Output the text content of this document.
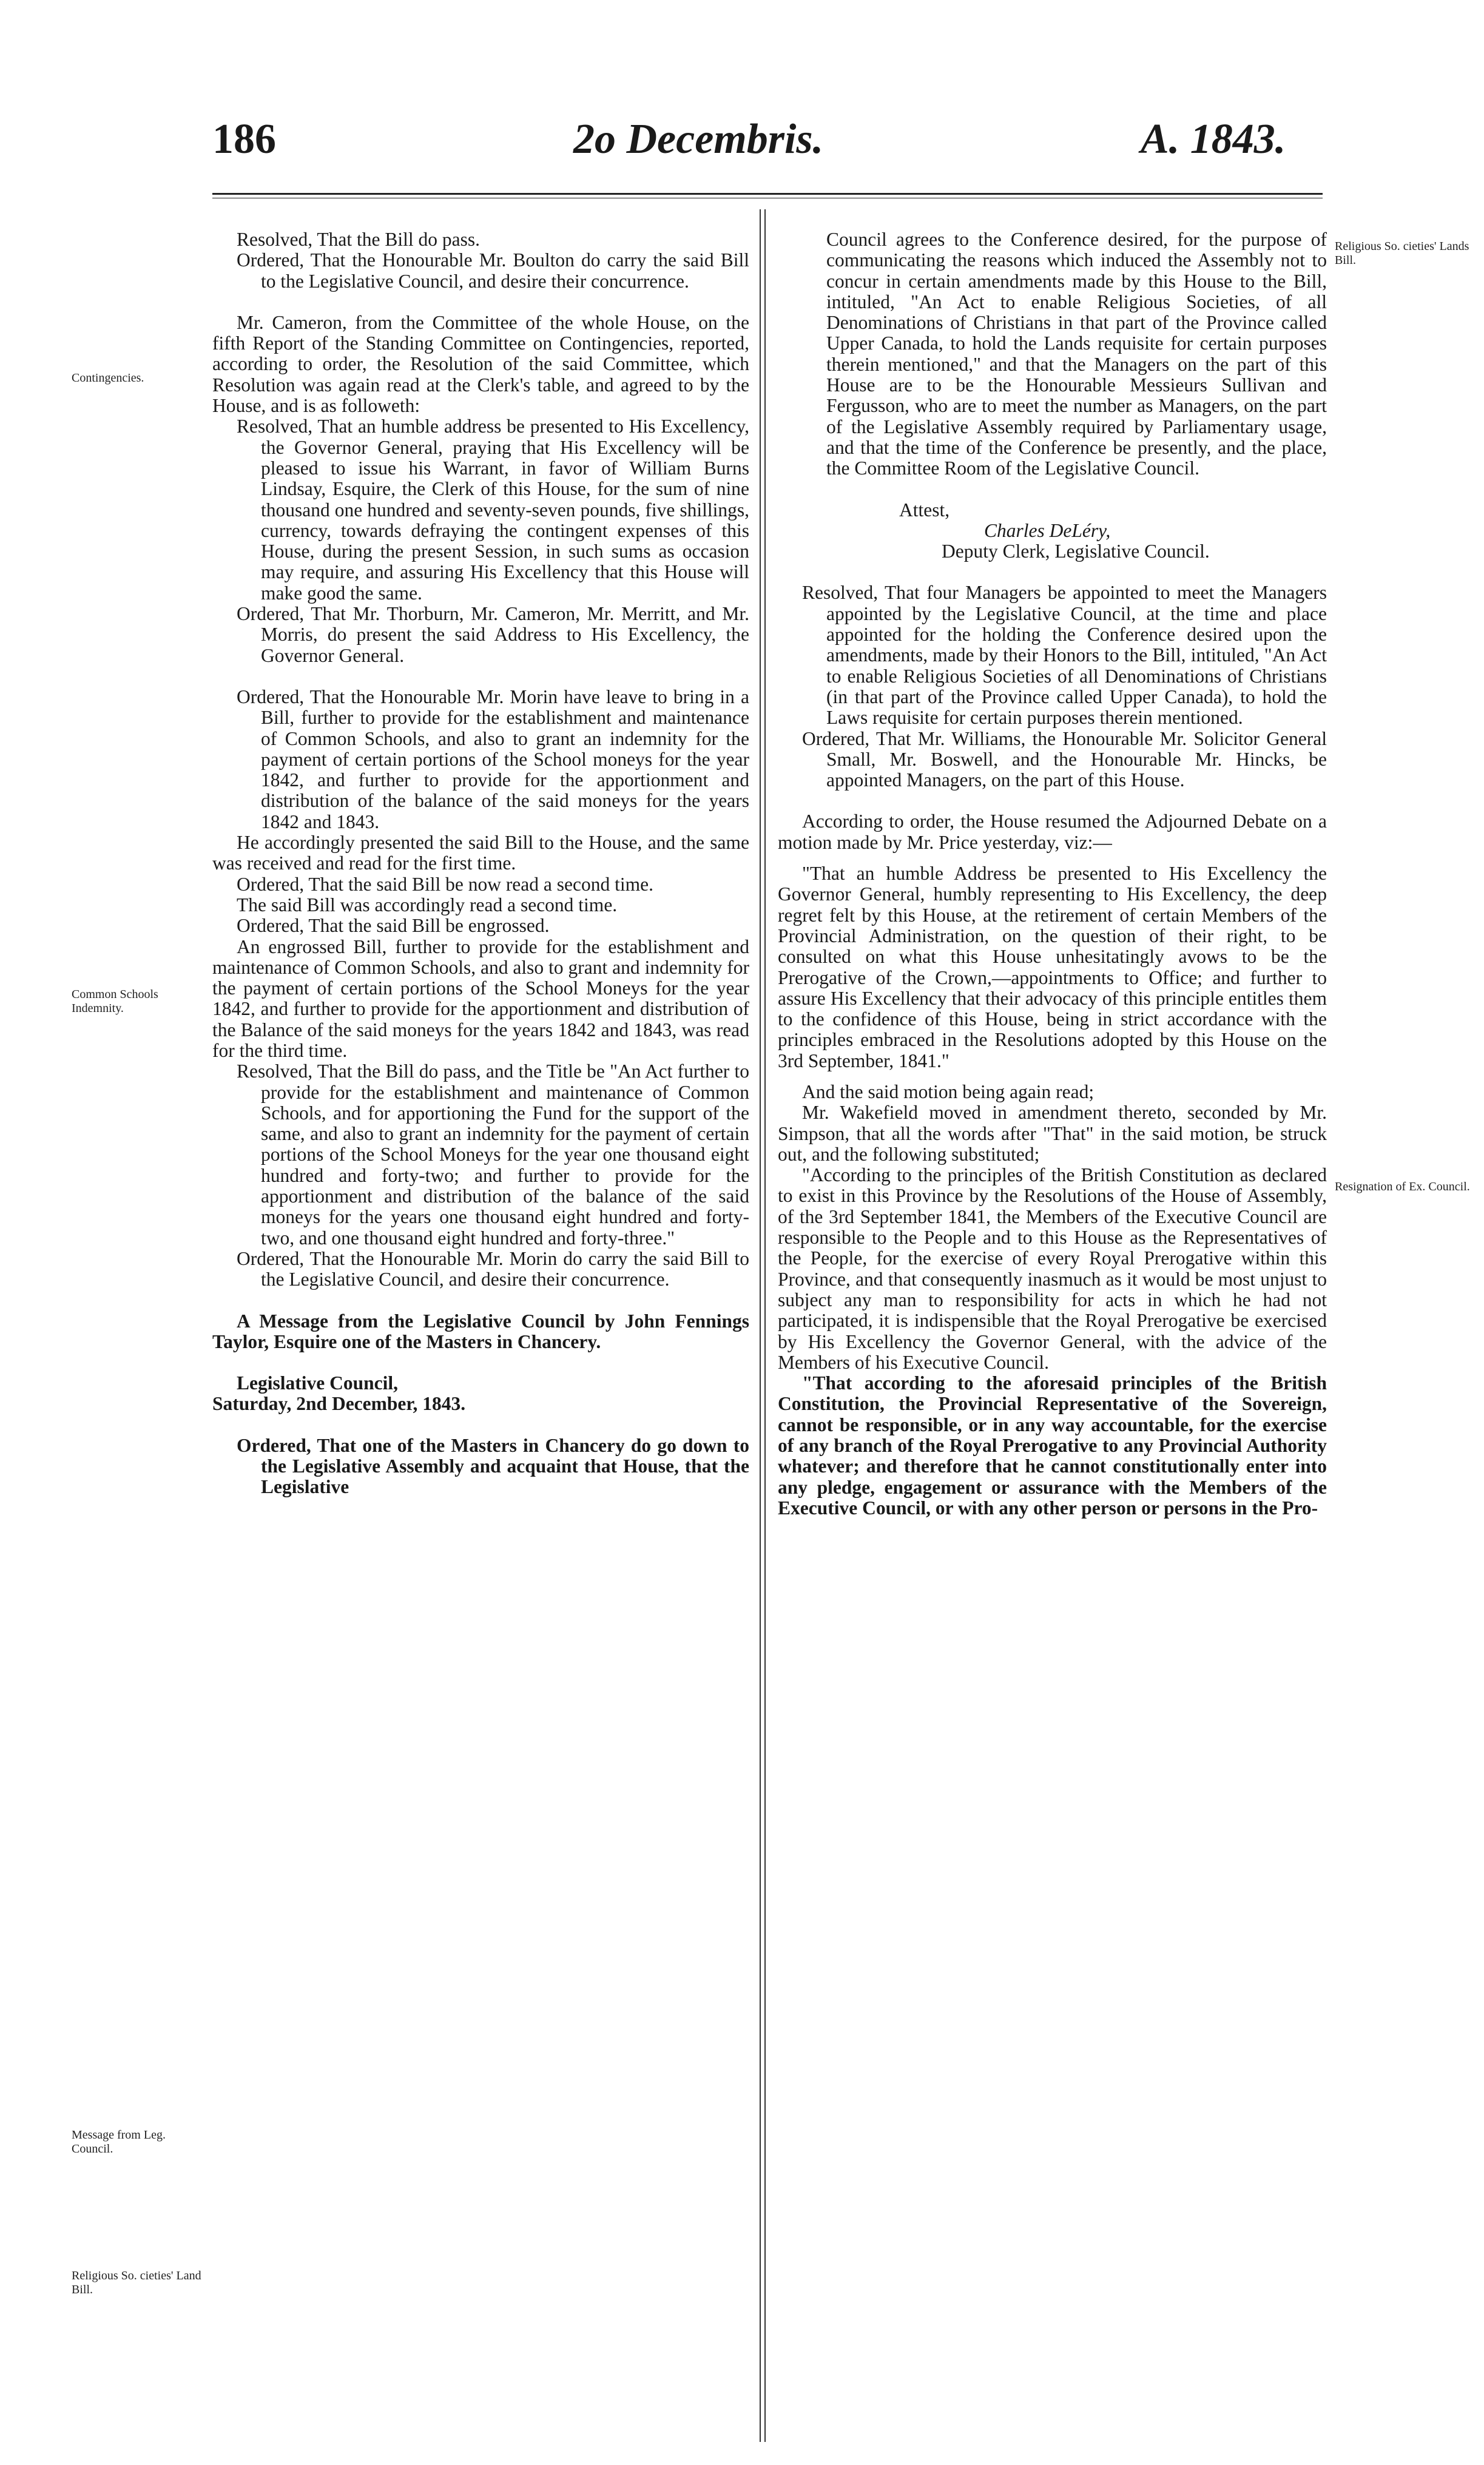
186	2o Decembris.	A. 1843.
Contingencies.
Common Schools Indemnity.
Message from Leg. Council.
Religious So. cieties' Land Bill.
Religious So. cieties' Lands Bill.
Resignation of Ex. Council.

Resolved, That the Bill do pass.

Ordered, That the Honourable Mr. Boulton do carry the said Bill to the Legislative Council, and desire their concurrence.

Mr. Cameron, from the Committee of the whole House, on the fifth Report of the Standing Committee on Contingencies, reported, according to order, the Resolution of the said Committee, which Resolution was again read at the Clerk's table, and agreed to by the House, and is as followeth:

Resolved, That an humble address be presented to His Excellency, the Governor General, praying that His Excellency will be pleased to issue his Warrant, in favor of William Burns Lindsay, Esquire, the Clerk of this House, for the sum of nine thousand one hundred and seventy-seven pounds, five shillings, currency, towards defraying the contingent expenses of this House, during the present Session, in such sums as occasion may require, and assuring His Excellency that this House will make good the same.

Ordered, That Mr. Thorburn, Mr. Cameron, Mr. Merritt, and Mr. Morris, do present the said Address to His Excellency, the Governor General.

Ordered, That the Honourable Mr. Morin have leave to bring in a Bill, further to provide for the establishment and maintenance of Common Schools, and also to grant an indemnity for the payment of certain portions of the School moneys for the year 1842, and further to provide for the apportionment and distribution of the balance of the said moneys for the years 1842 and 1843.

He accordingly presented the said Bill to the House, and the same was received and read for the first time.

Ordered, That the said Bill be now read a second time.

The said Bill was accordingly read a second time.

Ordered, That the said Bill be engrossed.

An engrossed Bill, further to provide for the establishment and maintenance of Common Schools, and also to grant and indemnity for the payment of certain portions of the School Moneys for the year 1842, and further to provide for the apportionment and distribution of the Balance of the said moneys for the years 1842 and 1843, was read for the third time.

Resolved, That the Bill do pass, and the Title be "An Act further to provide for the establishment and maintenance of Common Schools, and for apportioning the Fund for the support of the same, and also to grant an indemnity for the payment of certain portions of the School Moneys for the year one thousand eight hundred and forty-two; and further to provide for the apportionment and distribution of the balance of the said moneys for the years one thousand eight hundred and forty-two, and one thousand eight hundred and forty-three."

Ordered, That the Honourable Mr. Morin do carry the said Bill to the Legislative Council, and desire their concurrence.

A Message from the Legislative Council by John Fennings Taylor, Esquire one of the Masters in Chancery.

Legislative Council,

Saturday, 2nd December, 1843.

Ordered, That one of the Masters in Chancery do go down to the Legislative Assembly and acquaint that House, that the Legislative

Council agrees to the Conference desired, for the purpose of communicating the reasons which induced the Assembly not to concur in certain amendments made by this House to the Bill, intituled, "An Act to enable Religious Societies, of all Denominations of Christians in that part of the Province called Upper Canada, to hold the Lands requisite for certain purposes therein mentioned," and that the Managers on the part of this House are to be the Honourable Messieurs Sullivan and Fergusson, who are to meet the number as Managers, on the part of the Legislative Assembly required by Parliamentary usage, and that the time of the Conference be presently, and the place, the Committee Room of the Legislative Council.

Attest,

Charles DeLéry,

Deputy Clerk, Legislative Council.

Resolved, That four Managers be appointed to meet the Managers appointed by the Legislative Council, at the time and place appointed for the holding the Conference desired upon the amendments, made by their Honors to the Bill, intituled, "An Act to enable Religious Societies of all Denominations of Christians (in that part of the Province called Upper Canada), to hold the Laws requisite for certain purposes therein mentioned.

Ordered, That Mr. Williams, the Honourable Mr. Solicitor General Small, Mr. Boswell, and the Honourable Mr. Hincks, be appointed Managers, on the part of this House.

According to order, the House resumed the Adjourned Debate on a motion made by Mr. Price yesterday, viz:—

"That an humble Address be presented to His Excellency the Governor General, humbly representing to His Excellency, the deep regret felt by this House, at the retirement of certain Members of the Provincial Administration, on the question of their right, to be consulted on what this House unhesitatingly avows to be the Prerogative of the Crown,—appointments to Office; and further to assure His Excellency that their advocacy of this principle entitles them to the confidence of this House, being in strict accordance with the principles embraced in the Resolutions adopted by this House on the 3rd September, 1841."

And the said motion being again read;

Mr. Wakefield moved in amendment thereto, seconded by Mr. Simpson, that all the words after "That" in the said motion, be struck out, and the following substituted;

"According to the principles of the British Constitution as declared to exist in this Province by the Resolutions of the House of Assembly, of the 3rd September 1841, the Members of the Executive Council are responsible to the People and to this House as the Representatives of the People, for the exercise of every Royal Prerogative within this Province, and that consequently inasmuch as it would be most unjust to subject any man to responsibility for acts in which he had not participated, it is indispensible that the Royal Prerogative be exercised by His Excellency the Governor General, with the advice of the Members of his Executive Council.

"That according to the aforesaid principles of the British Constitution, the Provincial Representative of the Sovereign, cannot be responsible, or in any way accountable, for the exercise of any branch of the Royal Prerogative to any Provincial Authority whatever; and therefore that he cannot constitutionally enter into any pledge, engagement or assurance with the Members of the Executive Council, or with any other person or persons in the Pro-
